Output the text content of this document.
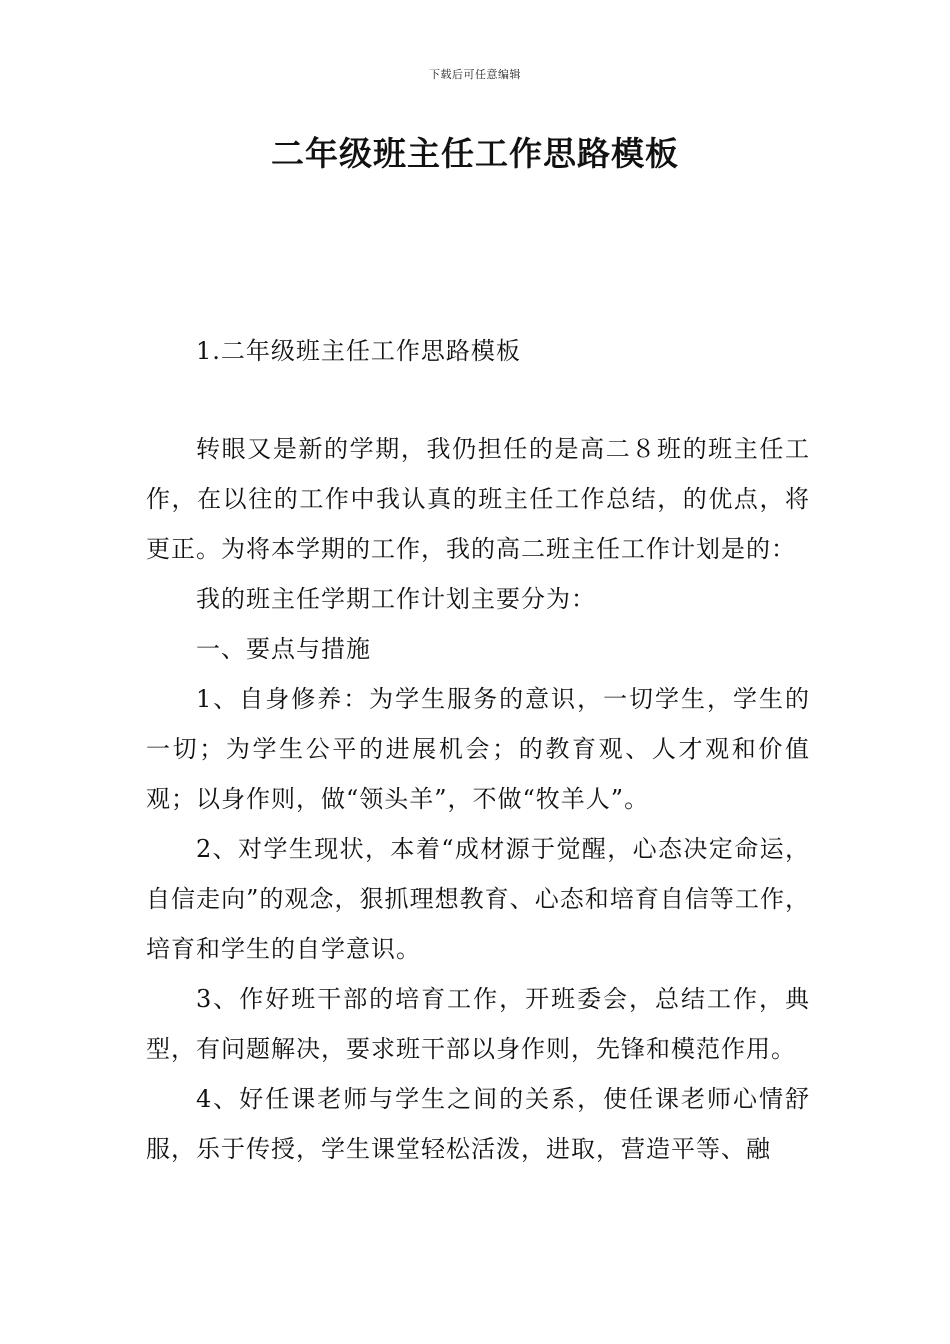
下载后可任意编辑
二年级班主任工作思路模板
1.二年级班主任工作思路模板

转眼又是新的学期，我仍担任的是高二８班的班主任工作，在以往的工作中我认真的班主任工作总结，的优点，将更正。为将本学期的工作，我的高二班主任工作计划是的：

我的班主任学期工作计划主要分为：

一、要点与措施

1、自身修养：为学生服务的意识，一切学生，学生的一切；为学生公平的进展机会；的教育观、人才观和价值观；以身作则，做“领头羊”，不做“牧羊人”。

2、对学生现状，本着“成材源于觉醒，心态决定命运，自信走向”的观念，狠抓理想教育、心态和培育自信等工作，培育和学生的自学意识。

3、作好班干部的培育工作，开班委会，总结工作，典型，有问题解决，要求班干部以身作则，先锋和模范作用。

4、好任课老师与学生之间的关系，使任课老师心情舒服，乐于传授，学生课堂轻松活泼，进取，营造平等、融
